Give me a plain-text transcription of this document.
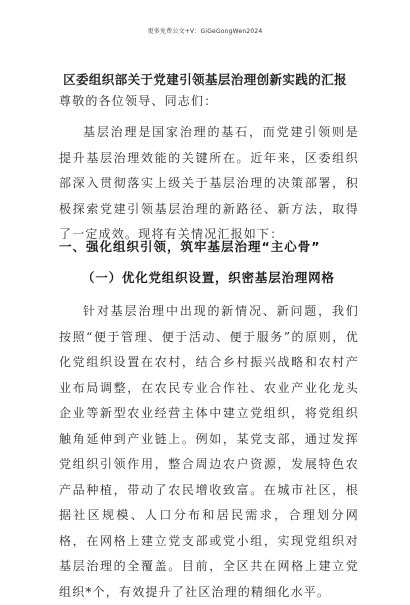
更多免费公文+V：GiGeGongWen2024
区委组织部关于党建引领基层治理创新实践的汇报
尊敬的各位领导、同志们：
基层治理是国家治理的基石，而党建引领则是提升基层治理效能的关键所在。近年来，区委组织部深入贯彻落实上级关于基层治理的决策部署，积极探索党建引领基层治理的新路径、新方法，取得了一定成效。现将有关情况汇报如下：
一、强化组织引领，筑牢基层治理“主心骨”
（一）优化党组织设置，织密基层治理网格
针对基层治理中出现的新情况、新问题，我们按照“便于管理、便于活动、便于服务”的原则，优化党组织设置在农村，结合乡村振兴战略和农村产业布局调整，在农民专业合作社、农业产业化龙头企业等新型农业经营主体中建立党组织，将党组织触角延伸到产业链上。例如，某党支部，通过发挥党组织引领作用，整合周边农户资源，发展特色农产品种植，带动了农民增收致富。在城市社区，根据社区规模、人口分布和居民需求，合理划分网格，在网格上建立党支部或党小组，实现党组织对基层治理的全覆盖。目前，全区共在网格上建立党组织*个，有效提升了社区治理的精细化水平。
